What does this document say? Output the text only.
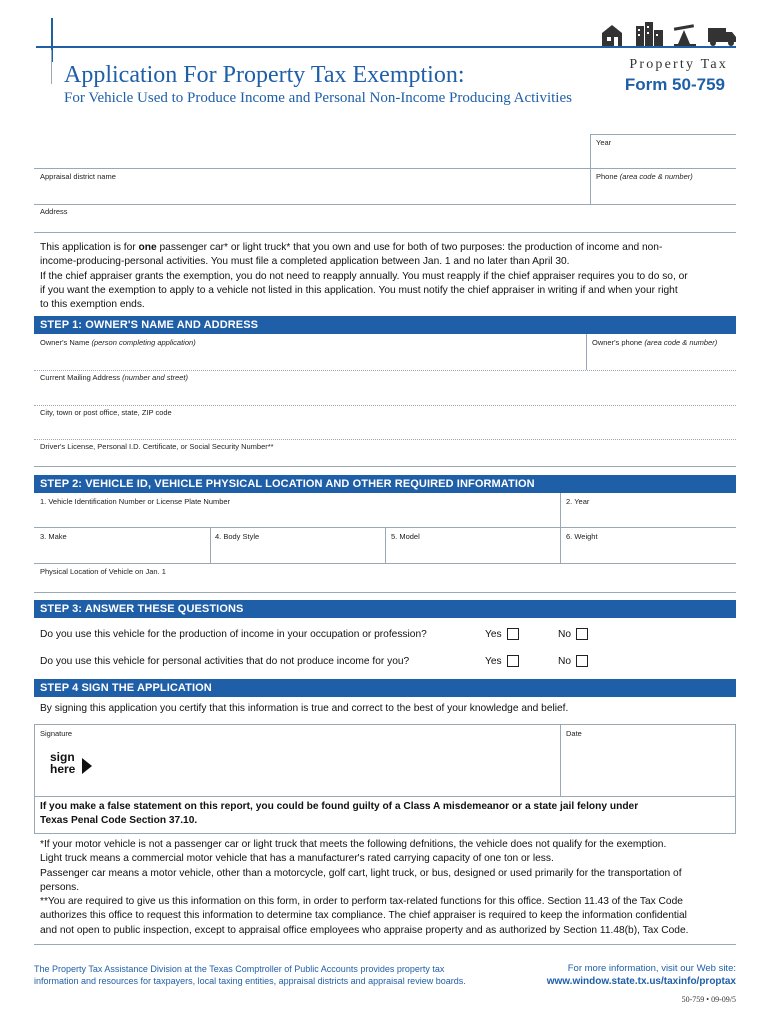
Property Tax
Form 50-759
Application For Property Tax Exemption:
For Vehicle Used to Produce Income and Personal Non-Income Producing Activities
Year
Appraisal district name	Phone (area code & number)
Address
This application is for one passenger car* or light truck* that you own and use for both of two purposes: the production of income and non-
income-producing-personal activities. You must file a completed application between Jan. 1 and no later than April 30.
If the chief appraiser grants the exemption, you do not need to reapply annually. You must reapply if the chief appraiser requires you to do so, or
if you want the exemption to apply to a vehicle not listed in this application. You must notify the chief appraiser in writing if and when your right
to this exemption ends.
STEP 1: OWNER'S NAME AND ADDRESS
Owner's Name (person completing application)	Owner's phone (area code & number)
Current Mailing Address (number and street)
City, town or post office, state, ZIP code
Driver's License, Personal I.D. Certificate, or Social Security Number**
STEP 2: VEHICLE ID, VEHICLE PHYSICAL LOCATION AND OTHER REQUIRED INFORMATION
1. Vehicle Identification Number or License Plate Number	2. Year
3. Make	4. Body Style	5. Model	6. Weight
Physical Location of Vehicle on Jan. 1
STEP 3: ANSWER THESE QUESTIONS
Do you use this vehicle for the production of income in your occupation or profession?	Yes	No
Do you use this vehicle for personal activities that do not produce income for you?	Yes	No
STEP 4 SIGN THE APPLICATION
By signing this application you certify that this information is true and correct to the best of your knowledge and belief.
Signature	Date
sign
here
If you make a false statement on this report, you could be found guilty of a Class A misdemeanor or a state jail felony under
Texas Penal Code Section 37.10.
*If your motor vehicle is not a passenger car or light truck that meets the following defnitions, the vehicle does not qualify for the exemption.
Light truck means a commercial motor vehicle that has a manufacturer's rated carrying capacity of one ton or less.
Passenger car means a motor vehicle, other than a motorcycle, golf cart, light truck, or bus, designed or used primarily for the transportation of
persons.
**You are required to give us this information on this form, in order to perform tax-related functions for this office. Section 11.43 of the Tax Code
authorizes this office to request this information to determine tax compliance. The chief appraiser is required to keep the information confidential
and not open to public inspection, except to appraisal office employees who appraise property and as authorized by Section 11.48(b), Tax Code.
The Property Tax Assistance Division at the Texas Comptroller of Public Accounts provides property tax
information and resources for taxpayers, local taxing entities, appraisal districts and appraisal review boards.
For more information, visit our Web site:
www.window.state.tx.us/taxinfo/proptax
50-759 • 09-09/5
